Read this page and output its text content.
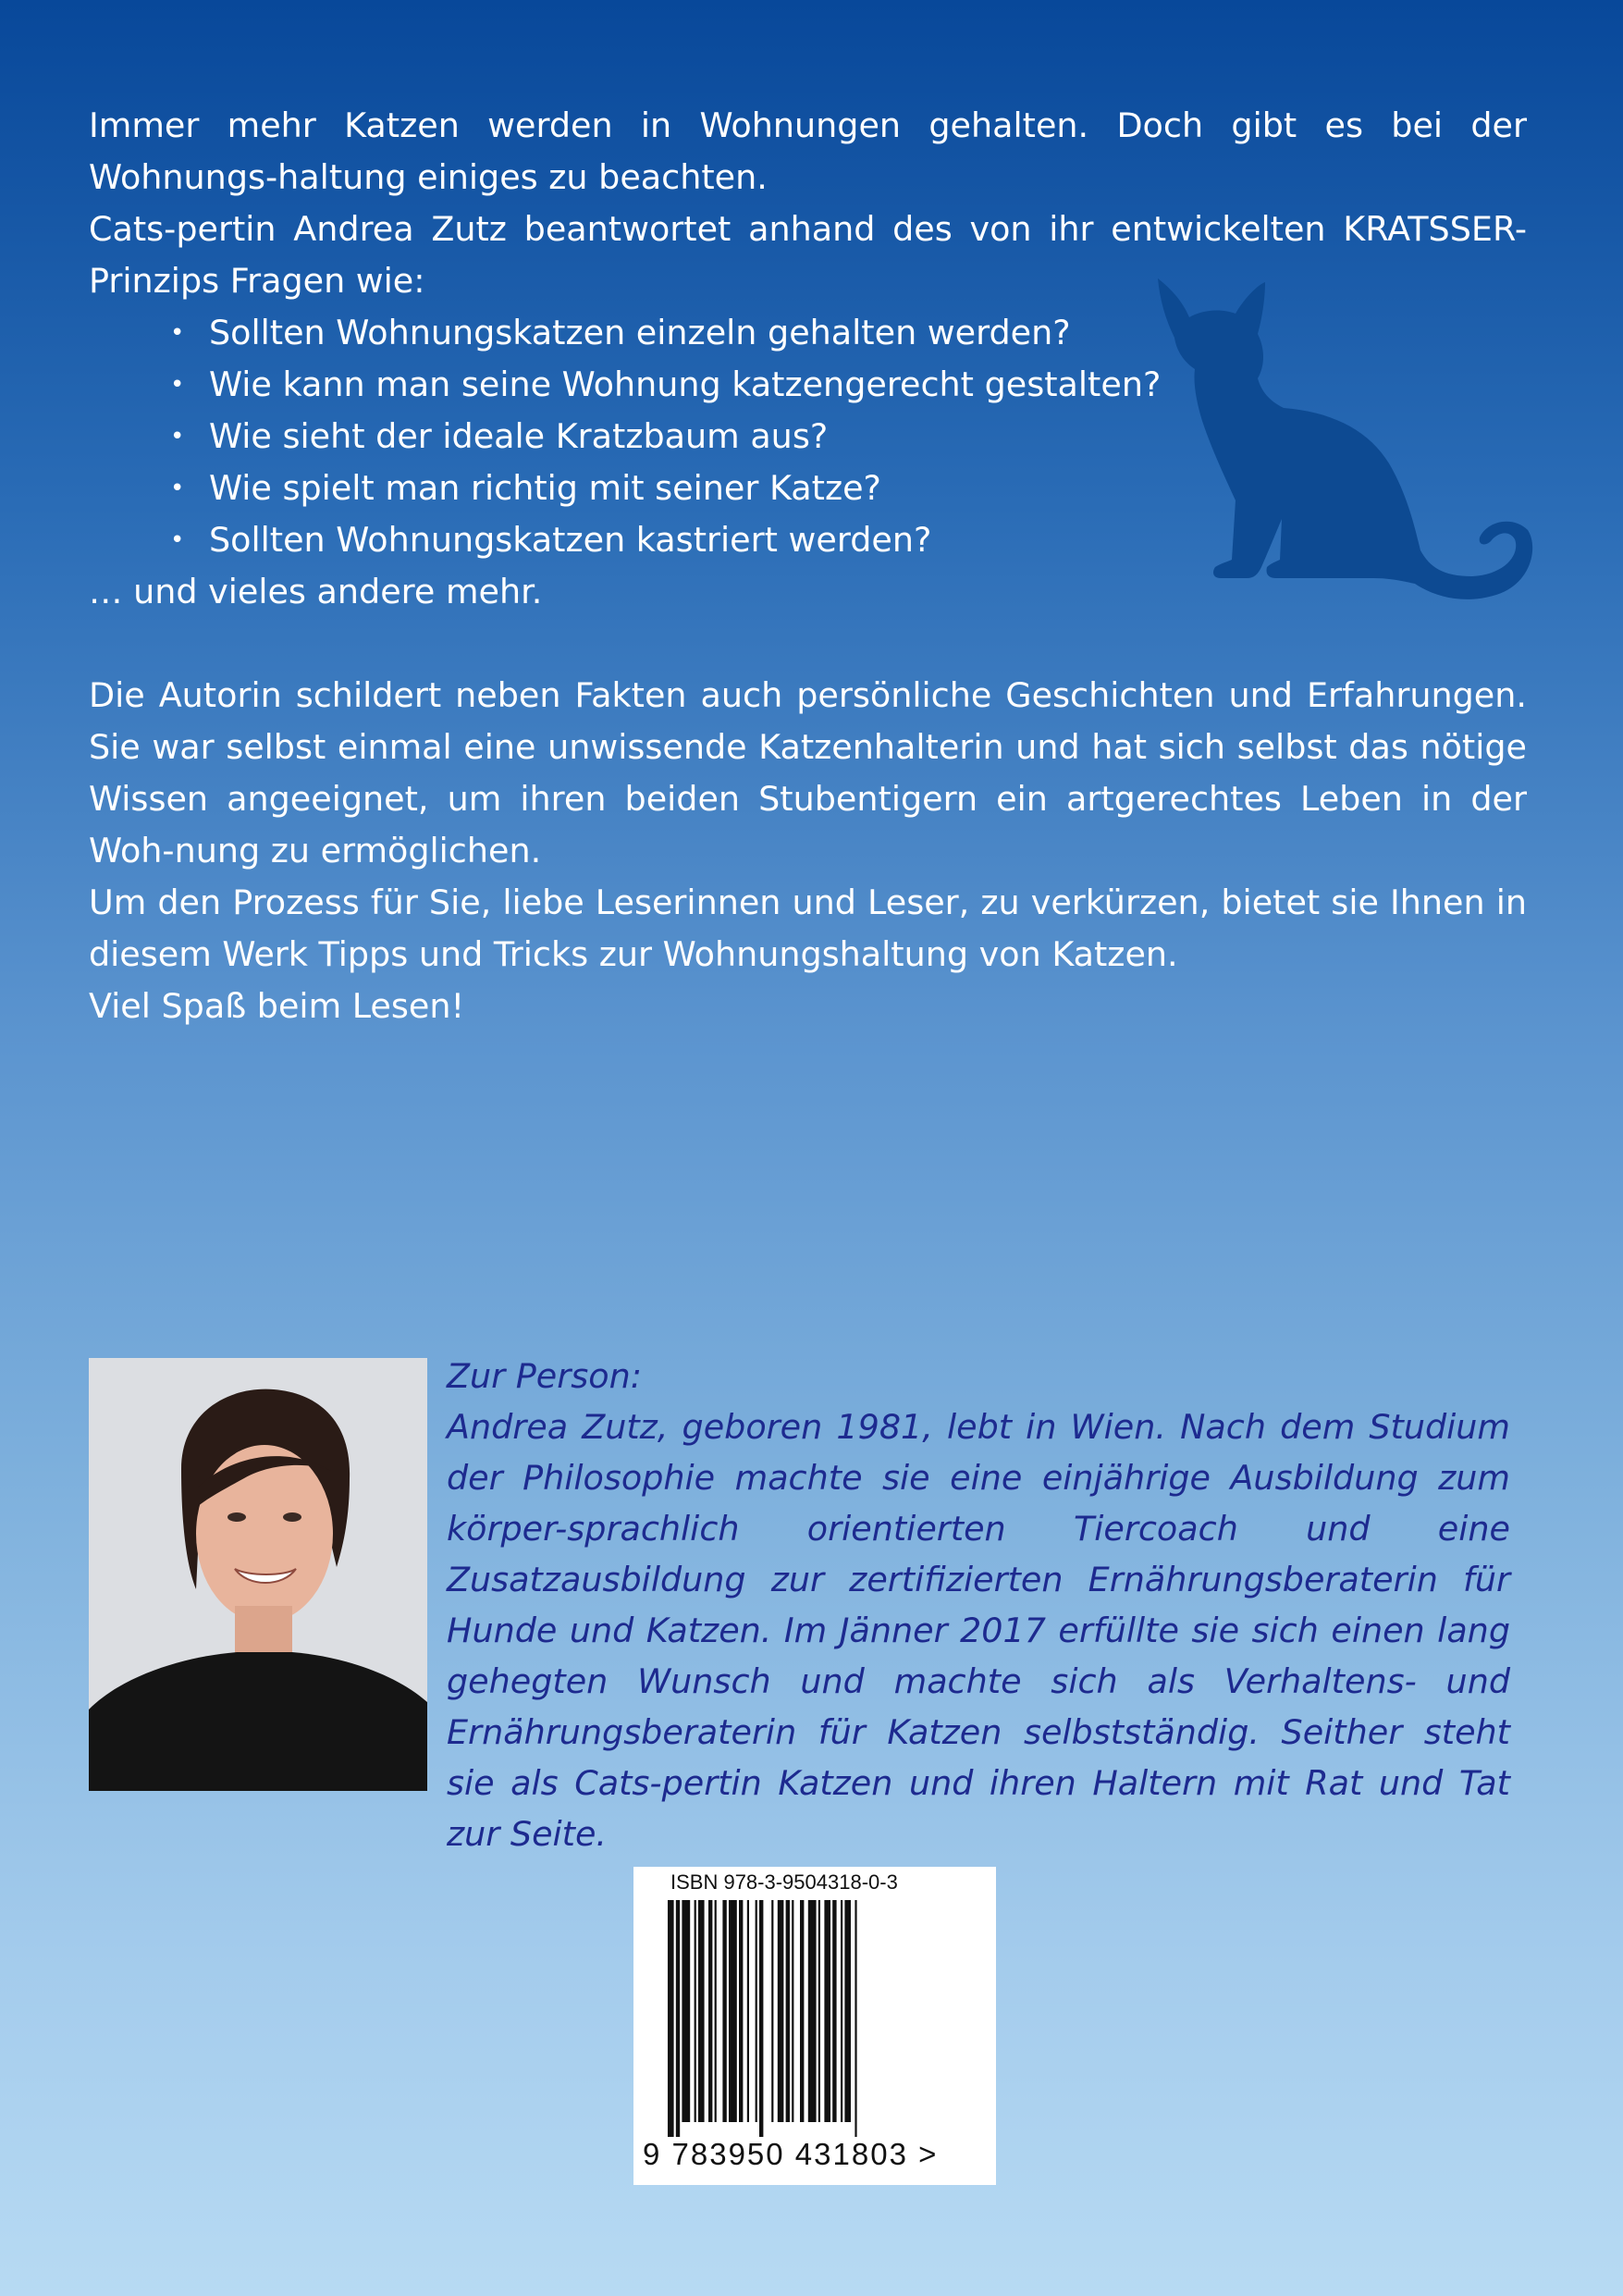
Immer mehr Katzen werden in Wohnungen gehalten. Doch gibt es bei der Wohnungs-haltung einiges zu beachten.

Cats-pertin Andrea Zutz beantwortet anhand des von ihr entwickelten KRATSSER-Prinzips Fragen wie:

• Sollten Wohnungskatzen einzeln gehalten werden?
• Wie kann man seine Wohnung katzengerecht gestalten?
• Wie sieht der ideale Kratzbaum aus?
• Wie spielt man richtig mit seiner Katze?
• Sollten Wohnungskatzen kastriert werden?

… und vieles andere mehr.

Die Autorin schildert neben Fakten auch persönliche Geschichten und Erfahrungen. Sie war selbst einmal eine unwissende Katzenhalterin und hat sich selbst das nötige Wissen angeeignet, um ihren beiden Stubentigern ein artgerechtes Leben in der Woh-nung zu ermöglichen.

Um den Prozess für Sie, liebe Leserinnen und Leser, zu verkürzen, bietet sie Ihnen in diesem Werk Tipps und Tricks zur Wohnungshaltung von Katzen.

Viel Spaß beim Lesen!

Zur Person:

Andrea Zutz, geboren 1981, lebt in Wien. Nach dem Studium der Philosophie machte sie eine einjährige Ausbildung zum körper-sprachlich orientierten Tiercoach und eine Zusatzausbildung zur zertifizierten Ernährungsberaterin für Hunde und Katzen. Im Jänner 2017 erfüllte sie sich einen lang gehegten Wunsch und machte sich als Verhaltens- und Ernährungsberaterin für Katzen selbstständig. Seither steht sie als Cats-pertin Katzen und ihren Haltern mit Rat und Tat zur Seite.

ISBN 978-3-9504318-0-3
9 783950 431803 >
